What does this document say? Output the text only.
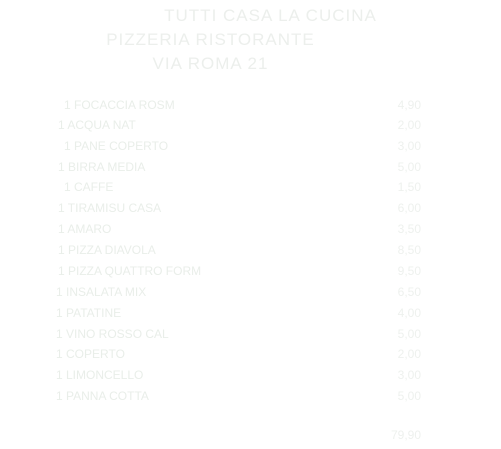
TUTTI CASA LA CUCINA
PIZZERIA RISTORANTE
VIA ROMA 21
1 FOCACCIA ROSM	4,90
1 ACQUA NAT	2,00
1 PANE COPERTO	3,00
1 BIRRA MEDIA	5,00
1 CAFFE	1,50
1 TIRAMISU CASA	6,00
1 AMARO	3,50
1 PIZZA DIAVOLA	8,50
1 PIZZA QUATTRO FORM	9,50
1 INSALATA MIX	6,50
1 PATATINE	4,00
1 VINO ROSSO CAL	5,00
1 COPERTO	2,00
1 LIMONCELLO	3,00
1 PANNA COTTA	5,00
79,90
